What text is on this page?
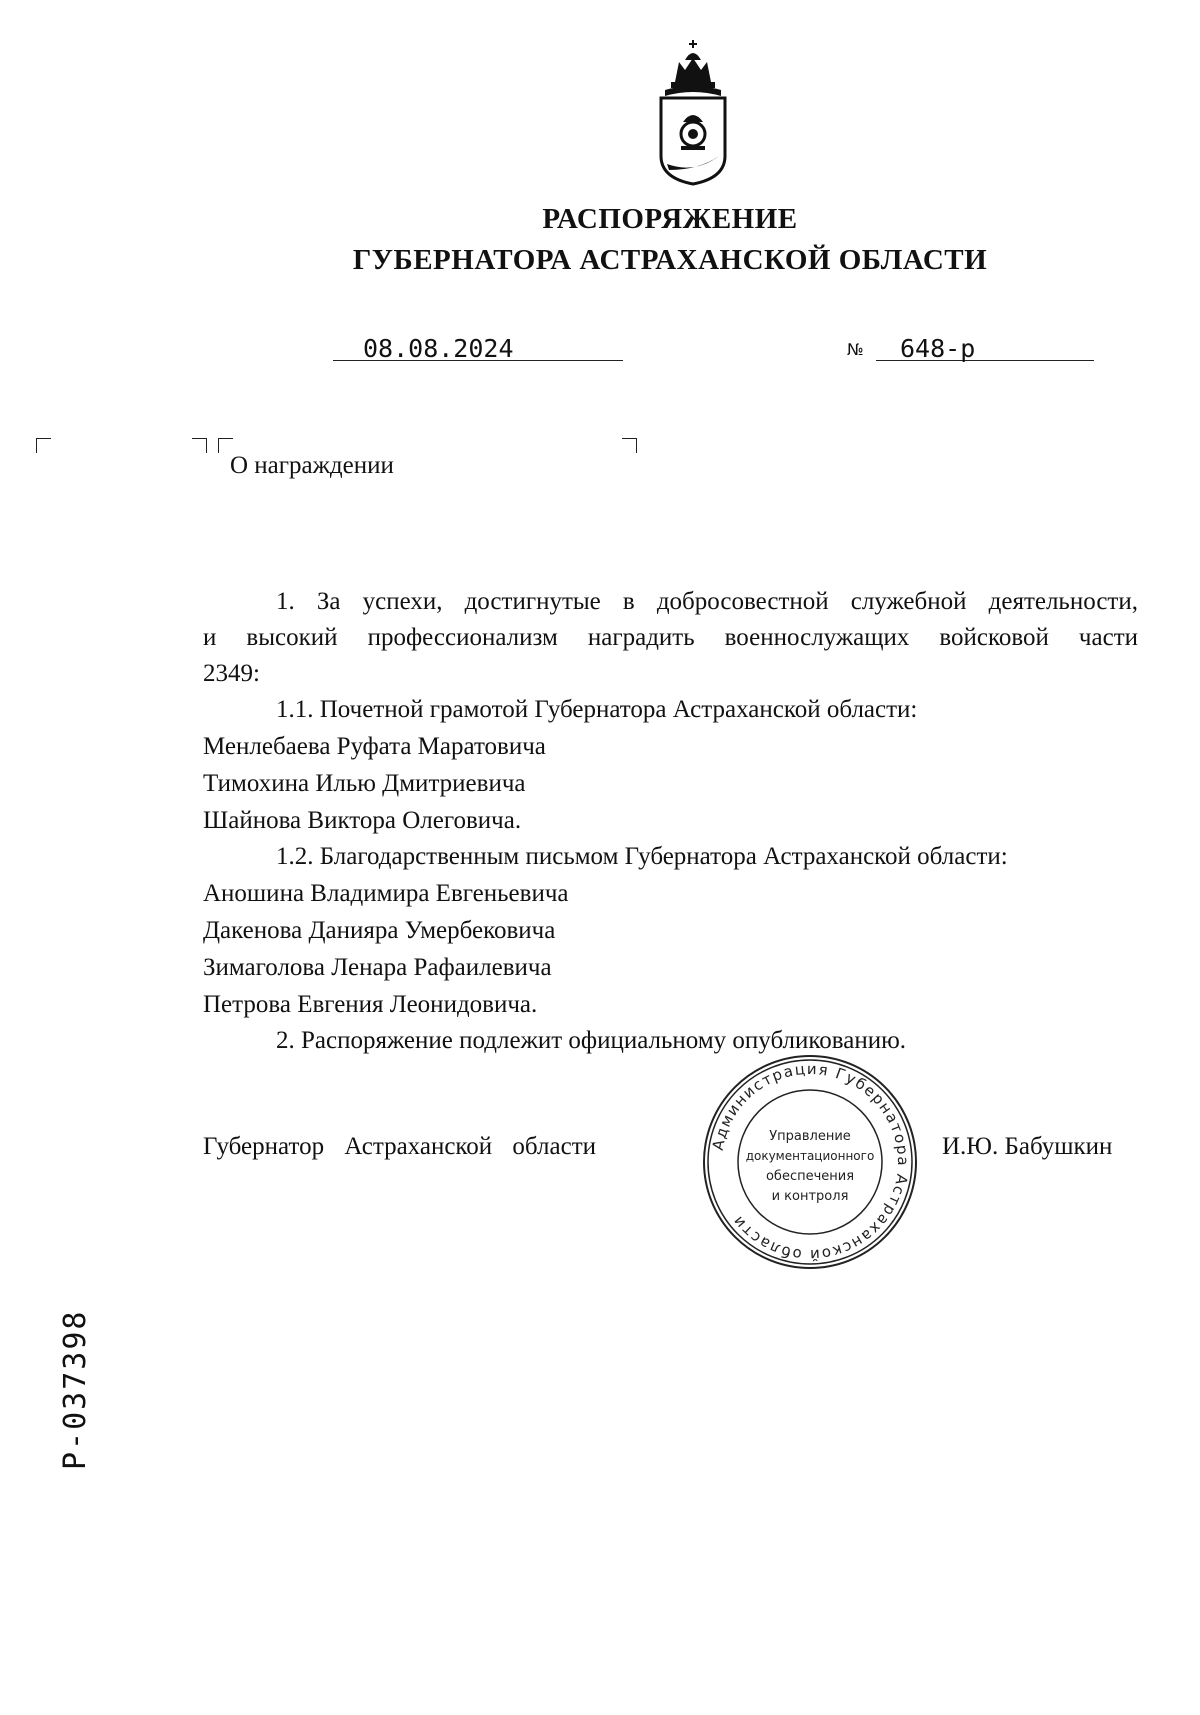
РАСПОРЯЖЕНИЕ
ГУБЕРНАТОРА АСТРАХАНСКОЙ ОБЛАСТИ
08.08.2024	№ 648-р
О награждении
1. За успехи, достигнутые в добросовестной служебной деятельности,
и высокий профессионализм наградить военнослужащих войсковой части
2349:
1.1. Почетной грамотой Губернатора Астраханской области:
Менлебаева Руфата Маратовича
Тимохина Илью Дмитриевича
Шайнова Виктора Олеговича.
1.2. Благодарственным письмом Губернатора Астраханской области:
Аношина Владимира Евгеньевича
Дакенова Данияра Умербековича
Зимаголова Ленара Рафаилевича
Петрова Евгения Леонидовича.
2. Распоряжение подлежит официальному опубликованию.
Губернатор Астраханской области	И.Ю. Бабушкин
Администрация Губернатора Астраханской области
Управление
документационного
обеспечения
и контроля
Р-037398
